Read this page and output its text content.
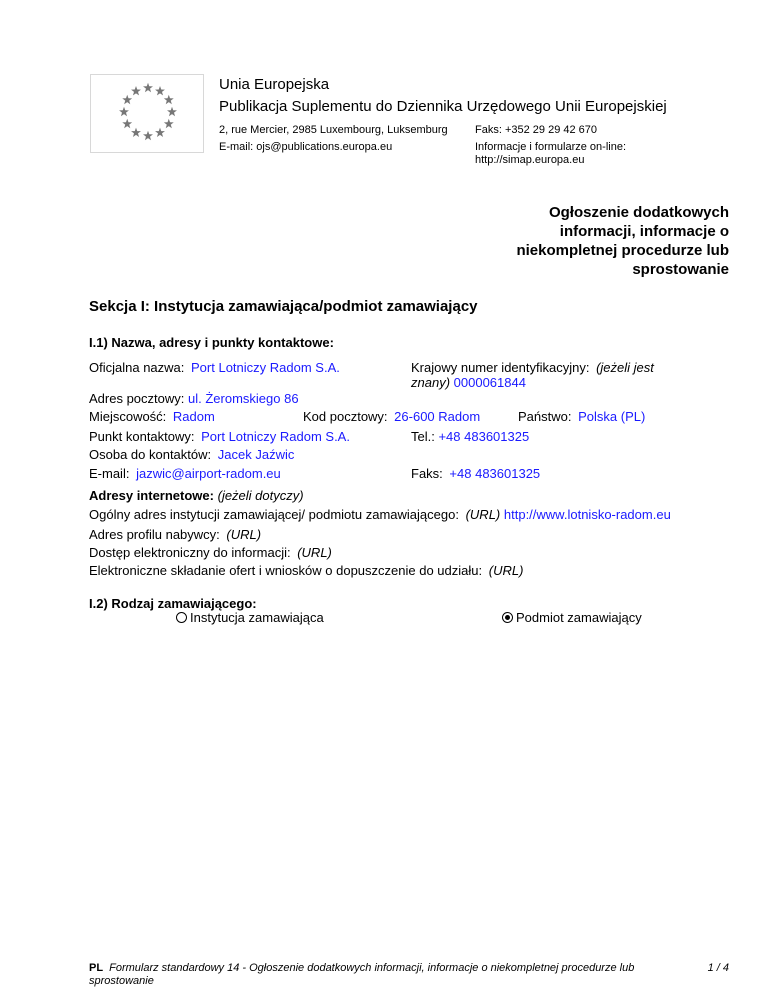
Unia Europejska
Publikacja Suplementu do Dziennika Urzędowego Unii Europejskiej
2, rue Mercier, 2985 Luxembourg, Luksemburg Faks: +352 29 29 42 670
E-mail: ojs@publications.europa.eu	Informacje i formularze on-line: http://simap.europa.eu
Ogłoszenie dodatkowych informacji, informacje o niekompletnej procedurze lub sprostowanie
Sekcja I: Instytucja zamawiająca/podmiot zamawiający
I.1) Nazwa, adresy i punkty kontaktowe:
Oficjalna nazwa: Port Lotniczy Radom S.A.	Krajowy numer identyfikacyjny: (jeżeli jest znany) 0000061844
Adres pocztowy: ul. Żeromskiego 86
Miejscowość: Radom	Kod pocztowy: 26-600 Radom	Państwo: Polska (PL)
Punkt kontaktowy: Port Lotniczy Radom S.A.	Tel.: +48 483601325
Osoba do kontaktów: Jacek Jaźwic
E-mail: jazwic@airport-radom.eu	Faks: +48 483601325
Adresy internetowe: (jeżeli dotyczy)
Ogólny adres instytucji zamawiającej/ podmiotu zamawiającego: (URL) http://www.lotnisko-radom.eu
Adres profilu nabywcy: (URL)
Dostęp elektroniczny do informacji: (URL)
Elektroniczne składanie ofert i wniosków o dopuszczenie do udziału: (URL)
I.2) Rodzaj zamawiającego:
Instytucja zamawiająca	Podmiot zamawiający
PL Formularz standardowy 14 - Ogłoszenie dodatkowych informacji, informacje o niekompletnej procedurze lub sprostowanie
1 / 4
